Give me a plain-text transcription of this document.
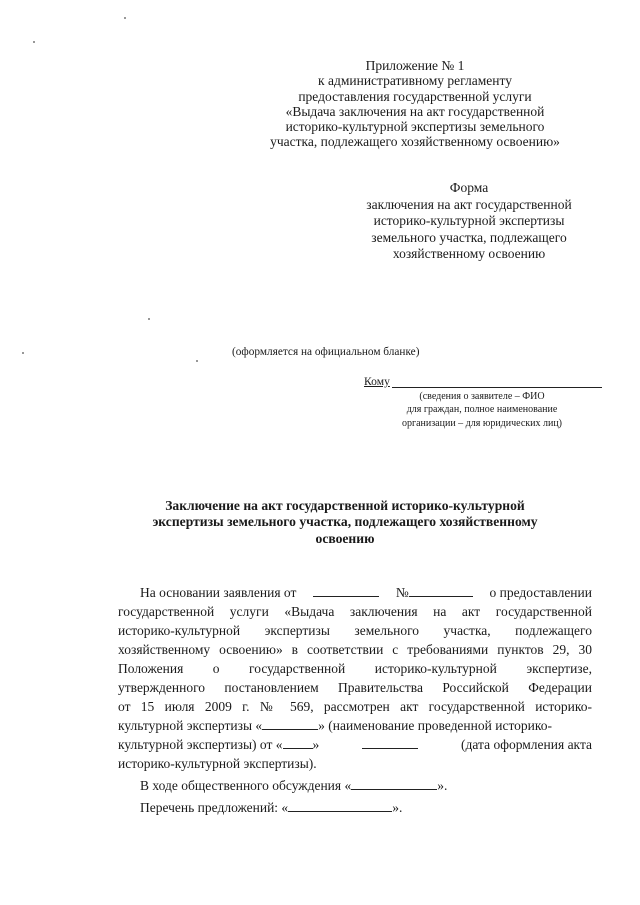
Приложение № 1
к административному регламенту
предоставления государственной услуги
«Выдача заключения на акт государственной
историко-культурной экспертизы земельного
участка, подлежащего хозяйственному освоению»
Форма
заключения на акт государственной
историко-культурной экспертизы
земельного участка, подлежащего
хозяйственному освоению
(оформляется на официальном бланке)
Кому
(сведения о заявителе – ФИО
для граждан, полное наименование
организации – для юридических лиц)
Заключение на акт государственной историко-культурной
экспертизы земельного участка, подлежащего хозяйственному
освоению
На основании заявления от	№	о предоставлении
государственной услуги «Выдача заключения на акт государственной
историко-культурной экспертизы земельного участка, подлежащего
хозяйственному освоению» в соответствии с требованиями пунктов 29, 30
Положения о государственной историко-культурной экспертизе,
утвержденного постановлением Правительства Российской Федерации
от 15 июля 2009 г. № 569, рассмотрен акт государственной историко-
культурной экспертизы «	» (наименование проведенной историко-
культурной экспертизы) от « »	(дата оформления акта
историко-культурной экспертизы).
В ходе общественного обсуждения «	».
Перечень предложений: «	».
